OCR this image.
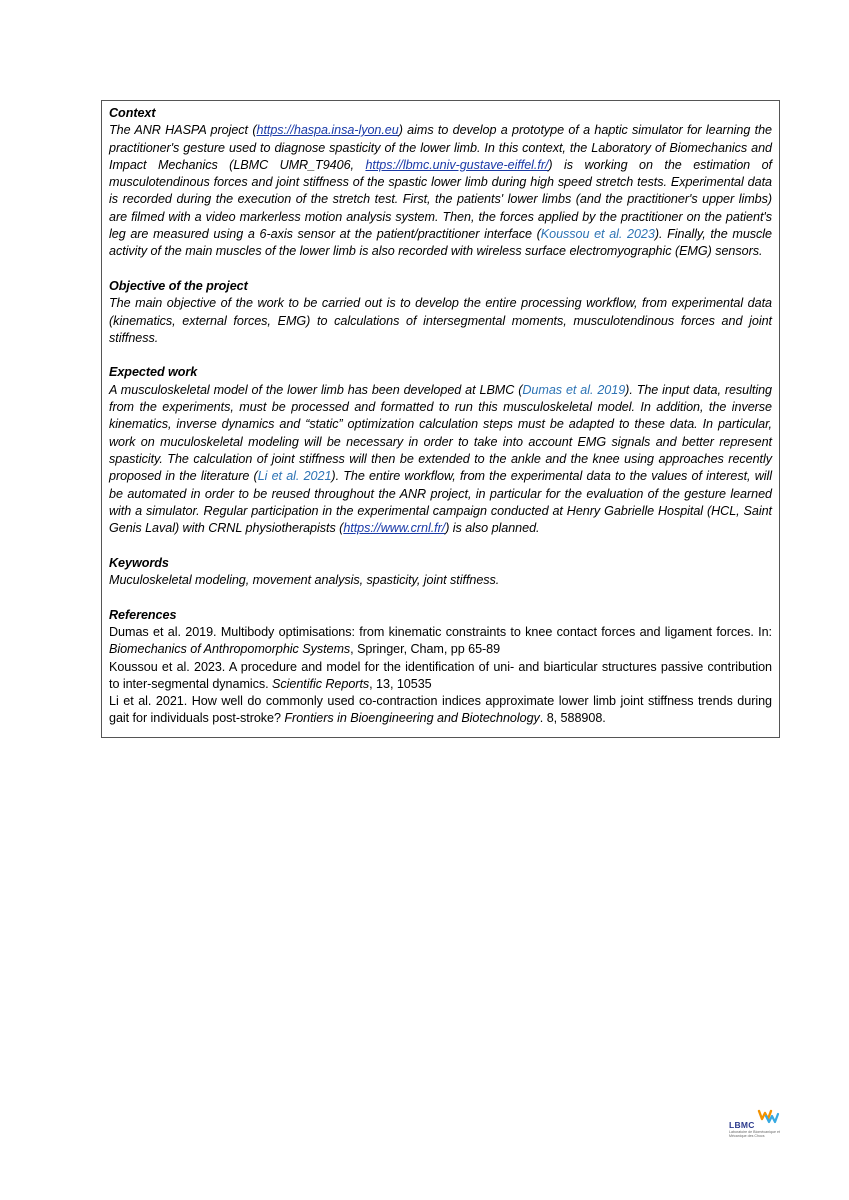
Context

The ANR HASPA project (https://haspa.insa-lyon.eu) aims to develop a prototype of a haptic simulator for learning the practitioner's gesture used to diagnose spasticity of the lower limb. In this context, the Laboratory of Biomechanics and Impact Mechanics (LBMC UMR_T9406, https://lbmc.univ-gustave-eiffel.fr/) is working on the estimation of musculotendinous forces and joint stiffness of the spastic lower limb during high speed stretch tests. Experimental data is recorded during the execution of the stretch test. First, the patients' lower limbs (and the practitioner's upper limbs) are filmed with a video markerless motion analysis system. Then, the forces applied by the practitioner on the patient's leg are measured using a 6-axis sensor at the patient/practitioner interface (Koussou et al. 2023). Finally, the muscle activity of the main muscles of the lower limb is also recorded with wireless surface electromyographic (EMG) sensors.

Objective of the project

The main objective of the work to be carried out is to develop the entire processing workflow, from experimental data (kinematics, external forces, EMG) to calculations of intersegmental moments, musculotendinous forces and joint stiffness.

Expected work

A musculoskeletal model of the lower limb has been developed at LBMC (Dumas et al. 2019). The input data, resulting from the experiments, must be processed and formatted to run this musculoskeletal model. In addition, the inverse kinematics, inverse dynamics and “static” optimization calculation steps must be adapted to these data. In particular, work on muculoskeletal modeling will be necessary in order to take into account EMG signals and better represent spasticity. The calculation of joint stiffness will then be extended to the ankle and the knee using approaches recently proposed in the literature (Li et al. 2021). The entire workflow, from the experimental data to the values of interest, will be automated in order to be reused throughout the ANR project, in particular for the evaluation of the gesture learned with a simulator. Regular participation in the experimental campaign conducted at Henry Gabrielle Hospital (HCL, Saint Genis Laval) with CRNL physiotherapists (https://www.crnl.fr/) is also planned.

Keywords

Muculoskeletal modeling, movement analysis, spasticity, joint stiffness.

References

Dumas et al. 2019. Multibody optimisations: from kinematic constraints to knee contact forces and ligament forces. In: Biomechanics of Anthropomorphic Systems, Springer, Cham, pp 65-89

Koussou et al. 2023. A procedure and model for the identification of uni- and biarticular structures passive contribution to inter-segmental dynamics. Scientific Reports, 13, 10535

Li et al. 2021. How well do commonly used co-contraction indices approximate lower limb joint stiffness trends during gait for individuals post-stroke? Frontiers in Bioengineering and Biotechnology. 8, 588908.

LBMC
Laboratoire de Biomécanique et Mécanique des Chocs
